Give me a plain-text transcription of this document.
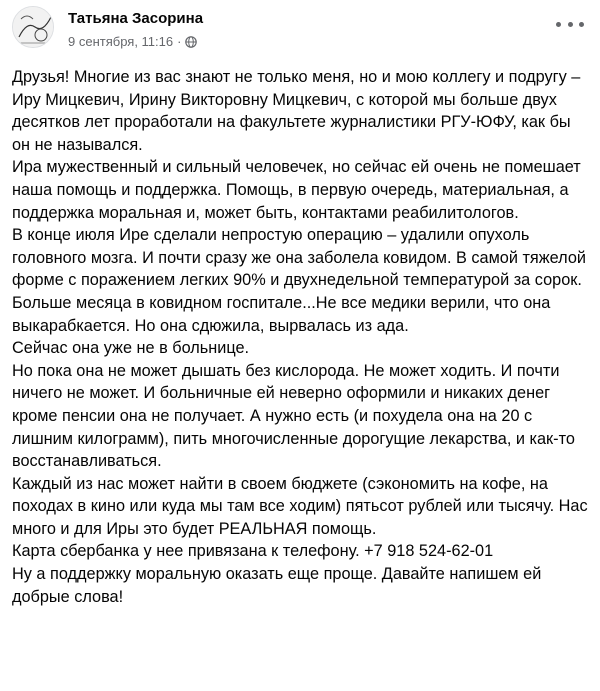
Татьяна Засорина
9 сентября, 11:16 ·

Друзья! Многие из вас знают не только меня, но и мою коллегу и подругу – Иру Мицкевич, Ирину Викторовну Мицкевич, с которой мы больше двух десятков лет проработали на факультете журналистики РГУ-ЮФУ, как бы он не назывался.

Ира мужественный и сильный человечек, но сейчас ей очень не помешает наша помощь и поддержка. Помощь, в первую очередь, материальная, а поддержка моральная и, может быть, контактами реабилитологов.

В конце июля Ире сделали непростую операцию – удалили опухоль головного мозга. И почти сразу же она заболела ковидом. В самой тяжелой форме с поражением легких 90% и двухнедельной температурой за сорок. Больше месяца в ковидном госпитале...Не все медики верили, что она выкарабкается. Но она сдюжила, вырвалась из ада.

Сейчас она уже не в больнице.

Но пока она не может дышать без кислорода. Не может ходить. И почти ничего не может. И больничные ей неверно оформили и никаких денег кроме пенсии она не получает. А нужно есть (и похудела она на 20 с лишним килограмм), пить многочисленные дорогущие лекарства, и как-то восстанавливаться.

Каждый из нас может найти в своем бюджете (сэкономить на кофе, на походах в кино или куда мы там все ходим) пятьсот рублей или тысячу. Нас много и для Иры это будет РЕАЛЬНАЯ помощь.

Карта сбербанка у нее привязана к телефону. +7 918 524-62-01

Ну а поддержку моральную оказать еще проще. Давайте напишем ей добрые слова!
